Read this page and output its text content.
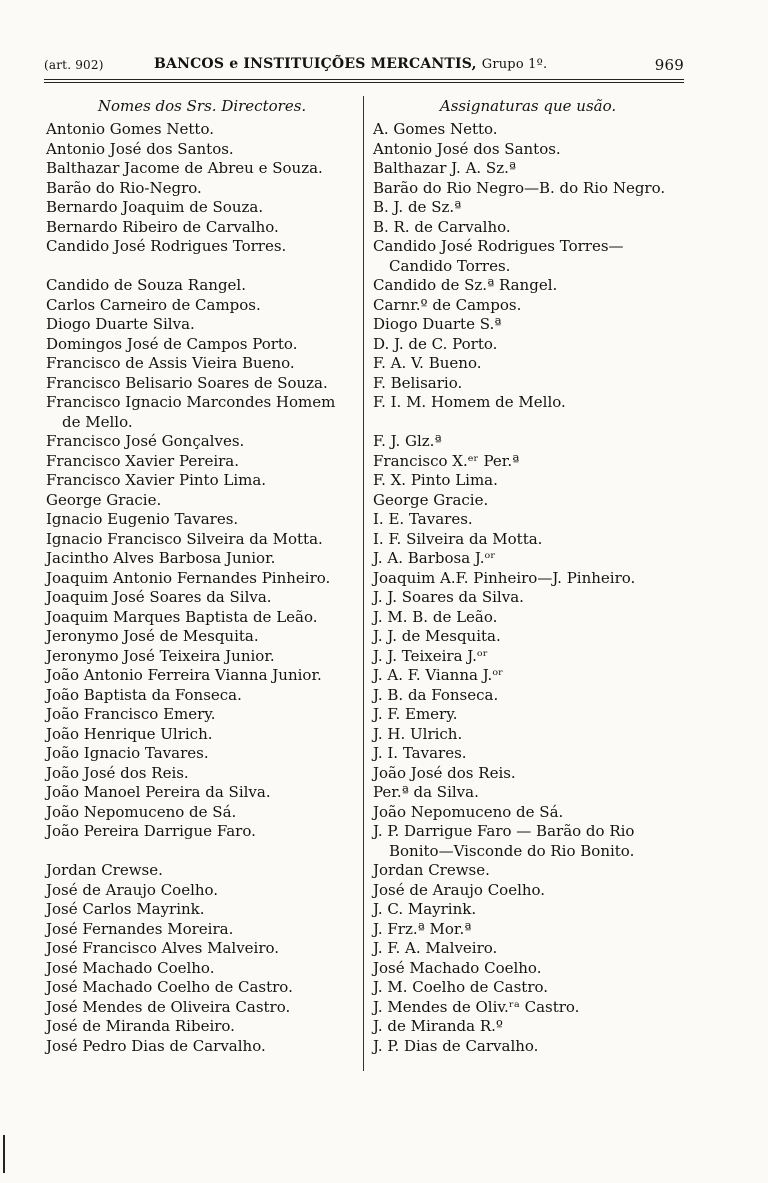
(art. 902)	BANCOS e INSTITUIÇÕES MERCANTIS, Grupo 1º.	969
Nomes dos Srs. Directores.
Antonio Gomes Netto.
Antonio José dos Santos.
Balthazar Jacome de Abreu e Souza.
Barão do Rio-Negro.
Bernardo Joaquim de Souza.
Bernardo Ribeiro de Carvalho.
Candido José Rodrigues Torres.
Candido de Souza Rangel.
Carlos Carneiro de Campos.
Diogo Duarte Silva.
Domingos José de Campos Porto.
Francisco de Assis Vieira Bueno.
Francisco Belisario Soares de Souza.
Francisco Ignacio Marcondes Homem de Mello.
Francisco José Gonçalves.
Francisco Xavier Pereira.
Francisco Xavier Pinto Lima.
George Gracie.
Ignacio Eugenio Tavares.
Ignacio Francisco Silveira da Motta.
Jacintho Alves Barbosa Junior.
Joaquim Antonio Fernandes Pinheiro.
Joaquim José Soares da Silva.
Joaquim Marques Baptista de Leão.
Jeronymo José de Mesquita.
Jeronymo José Teixeira Junior.
João Antonio Ferreira Vianna Junior.
João Baptista da Fonseca.
João Francisco Emery.
João Henrique Ulrich.
João Ignacio Tavares.
João José dos Reis.
João Manoel Pereira da Silva.
João Nepomuceno de Sá.
João Pereira Darrigue Faro.
Jordan Crewse.
José de Araujo Coelho.
José Carlos Mayrink.
José Fernandes Moreira.
José Francisco Alves Malveiro.
José Machado Coelho.
José Machado Coelho de Castro.
José Mendes de Oliveira Castro.
José de Miranda Ribeiro.
José Pedro Dias de Carvalho.
Assignaturas que usão.
A. Gomes Netto.
Antonio José dos Santos.
Balthazar J. A. Sz.ª
Barão do Rio Negro—B. do Rio Negro.
B. J. de Sz.ª
B. R. de Carvalho.
Candido José Rodrigues Torres—Candido Torres.
Candido de Sz.ª Rangel.
Carnr.º de Campos.
Diogo Duarte S.ª
D. J. de C. Porto.
F. A. V. Bueno.
F. Belisario.
F. I. M. Homem de Mello.
F. J. Glz.ª
Francisco X.ᵉʳ Per.ª
F. X. Pinto Lima.
George Gracie.
I. E. Tavares.
I. F. Silveira da Motta.
J. A. Barbosa J.ᵒʳ
Joaquim A.F. Pinheiro—J. Pinheiro.
J. J. Soares da Silva.
J. M. B. de Leão.
J. J. de Mesquita.
J. J. Teixeira J.ᵒʳ
J. A. F. Vianna J.ᵒʳ
J. B. da Fonseca.
J. F. Emery.
J. H. Ulrich.
J. I. Tavares.
João José dos Reis.
Per.ª da Silva.
João Nepomuceno de Sá.
J. P. Darrigue Faro — Barão do Rio Bonito—Visconde do Rio Bonito.
Jordan Crewse.
José de Araujo Coelho.
J. C. Mayrink.
J. Frz.ª Mor.ª
J. F. A. Malveiro.
José Machado Coelho.
J. M. Coelho de Castro.
J. Mendes de Oliv.ʳᵃ Castro.
J. de Miranda R.º
J. P. Dias de Carvalho.
